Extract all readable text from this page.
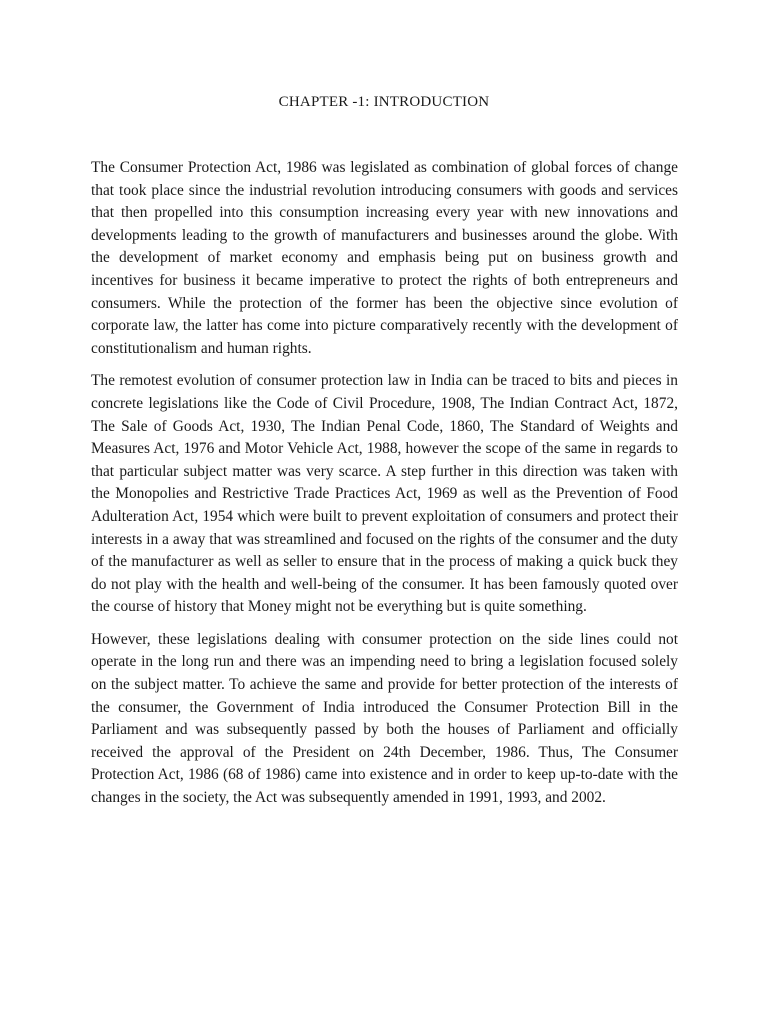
CHAPTER -1: INTRODUCTION

The Consumer Protection Act, 1986 was legislated as combination of global forces of change that took place since the industrial revolution introducing consumers with goods and services that then propelled into this consumption increasing every year with new innovations and developments leading to the growth of manufacturers and businesses around the globe. With the development of market economy and emphasis being put on business growth and incentives for business it became imperative to protect the rights of both entrepreneurs and consumers. While the protection of the former has been the objective since evolution of corporate law, the latter has come into picture comparatively recently with the development of constitutionalism and human rights.

The remotest evolution of consumer protection law in India can be traced to bits and pieces in concrete legislations like the Code of Civil Procedure, 1908, The Indian Contract Act, 1872, The Sale of Goods Act, 1930, The Indian Penal Code, 1860, The Standard of Weights and Measures Act, 1976 and Motor Vehicle Act, 1988, however the scope of the same in regards to that particular subject matter was very scarce. A step further in this direction was taken with the Monopolies and Restrictive Trade Practices Act, 1969 as well as the Prevention of Food Adulteration Act, 1954 which were built to prevent exploitation of consumers and protect their interests in a away that was streamlined and focused on the rights of the consumer and the duty of the manufacturer as well as seller to ensure that in the process of making a quick buck they do not play with the health and well-being of the consumer. It has been famously quoted over the course of history that Money might not be everything but is quite something.

However, these legislations dealing with consumer protection on the side lines could not operate in the long run and there was an impending need to bring a legislation focused solely on the subject matter. To achieve the same and provide for better protection of the interests of the consumer, the Government of India introduced the Consumer Protection Bill in the Parliament and was subsequently passed by both the houses of Parliament and officially received the approval of the President on 24th December, 1986. Thus, The Consumer Protection Act, 1986 (68 of 1986) came into existence and in order to keep up-to-date with the changes in the society, the Act was subsequently amended in 1991, 1993, and 2002.
